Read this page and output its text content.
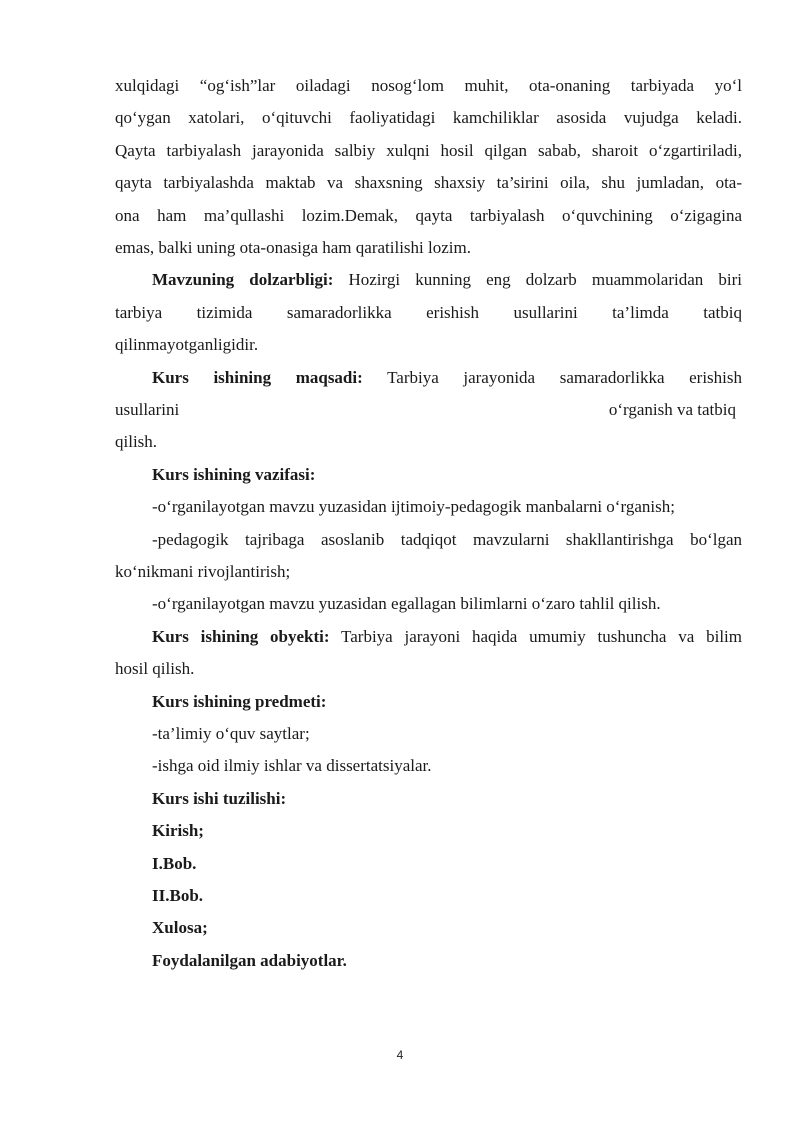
xulqidagi “og‘ish”lar oiladagi nosog‘lom muhit, ota-onaning tarbiyada yo‘l
qo‘ygan xatolari, o‘qituvchi faoliyatidagi kamchiliklar asosida vujudga keladi.
Qayta tarbiyalash jarayonida salbiy xulqni hosil qilgan sabab, sharoit o‘zgartiriladi,
qayta tarbiyalashda maktab va shaxsning shaxsiy ta’sirini oila, shu jumladan, ota-
ona ham ma’qullashi lozim.Demak, qayta tarbiyalash o‘quvchining o‘zigagina
emas, balki uning ota-onasiga ham qaratilishi lozim.
Mavzuning dolzarbligi: Hozirgi kunning eng dolzarb muammolaridan biri
tarbiya tizimida samaradorlikka erishish usullarini ta’limda tatbiq
qilinmayotganligidir.
Kurs ishining maqsadi: Tarbiya jarayonida samaradorlikka erishish
usullarini	o‘rganish va tatbiq
qilish.
Kurs ishining vazifasi:
-o‘rganilayotgan mavzu yuzasidan ijtimoiy-pedagogik manbalarni o‘rganish;
-pedagogik tajribaga asoslanib tadqiqot mavzularni shakllantirishga bo‘lgan
ko‘nikmani rivojlantirish;
-o‘rganilayotgan mavzu yuzasidan egallagan bilimlarni o‘zaro tahlil qilish.
Kurs ishining obyekti: Tarbiya jarayoni haqida umumiy tushuncha va bilim
hosil qilish.
Kurs ishining predmeti:
-ta’limiy o‘quv saytlar;
-ishga oid ilmiy ishlar va dissertatsiyalar.
Kurs ishi tuzilishi:
Kirish;
I.Bob.
II.Bob.
Xulosa;
Foydalanilgan adabiyotlar.
4
